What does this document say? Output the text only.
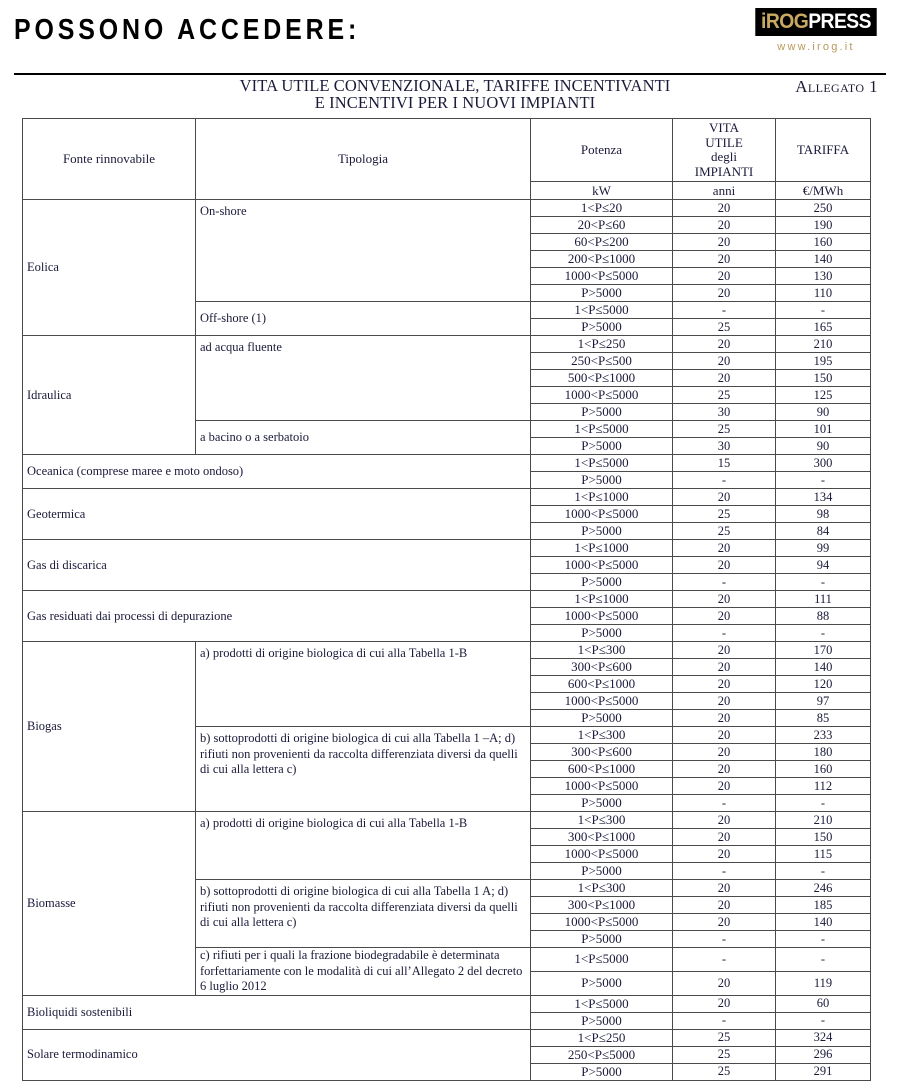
POSSONO ACCEDERE:	iROGPRESS
www.irog.it
Allegato 1
VITA UTILE CONVENZIONALE, TARIFFE INCENTIVANTI
E INCENTIVI PER I NUOVI IMPIANTI
Fonte rinnovabile	Tipologia	Potenza	VITA
UTILE
degli
IMPIANTI	TARIFFA
		kW	anni	€/MWh
Eolica	On-shore	1<P≤20	20	250
		20<P≤60	20	190
		60<P≤200	20	160
		200<P≤1000	20	140
		1000<P≤5000	20	130
		P>5000	20	110
	Off-shore (1)	1<P≤5000	-	-
		P>5000	25	165
Idraulica	ad acqua fluente	1<P≤250	20	210
		250<P≤500	20	195
		500<P≤1000	20	150
		1000<P≤5000	25	125
		P>5000	30	90
	a bacino o a serbatoio	1<P≤5000	25	101
		P>5000	30	90
Oceanica (comprese maree e moto ondoso)		1<P≤5000	15	300
		P>5000	-	-
Geotermica		1<P≤1000	20	134
		1000<P≤5000	25	98
		P>5000	25	84
Gas di discarica		1<P≤1000	20	99
		1000<P≤5000	20	94
		P>5000	-	-
Gas residuati dai processi di depurazione		1<P≤1000	20	111
		1000<P≤5000	20	88
		P>5000	-	-
Biogas	a) prodotti di origine biologica di cui alla Tabella 1-B	1<P≤300	20	170
		300<P≤600	20	140
		600<P≤1000	20	120
		1000<P≤5000	20	97
		P>5000	20	85
	b) sottoprodotti di origine biologica di cui alla Tabella 1 –A; d) rifiuti non provenienti da raccolta differenziata diversi da quelli di cui alla lettera c)	1<P≤300	20	233
		300<P≤600	20	180
		600<P≤1000	20	160
		1000<P≤5000	20	112
		P>5000	-	-
Biomasse	a) prodotti di origine biologica di cui alla Tabella 1-B	1<P≤300	20	210
		300<P≤1000	20	150
		1000<P≤5000	20	115
		P>5000	-	-
	b) sottoprodotti di origine biologica di cui alla Tabella 1 A; d) rifiuti non provenienti da raccolta differenziata diversi da quelli di cui alla lettera c)	1<P≤300	20	246
		300<P≤1000	20	185
		1000<P≤5000	20	140
		P>5000	-	-
	c) rifiuti per i quali la frazione biodegradabile è determinata forfettariamente con le modalità di cui all’Allegato 2 del decreto 6 luglio 2012	1<P≤5000	-	-
		P>5000	20	119
Bioliquidi sostenibili		1<P≤5000	20	60
		P>5000	-	-
Solare termodinamico		1<P≤250	25	324
		250<P≤5000	25	296
		P>5000	25	291
